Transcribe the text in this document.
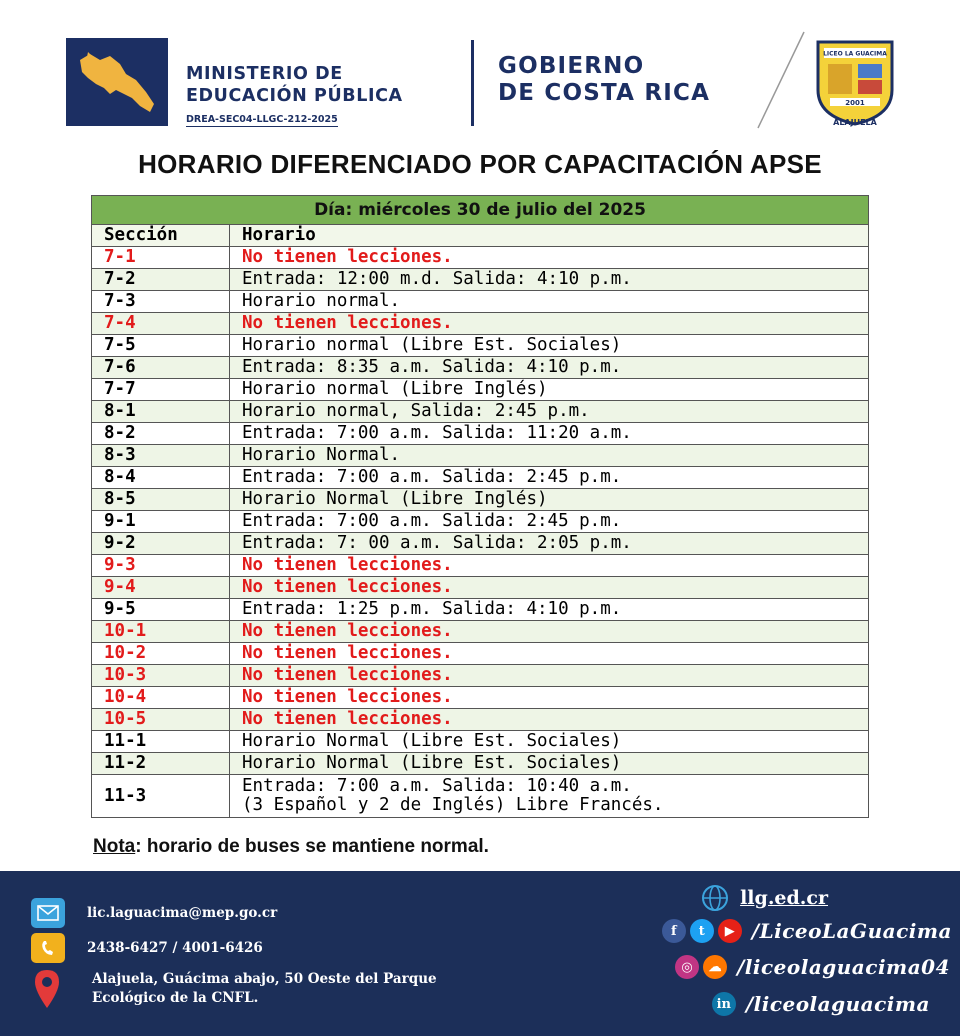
MINISTERIO DE
EDUCACIÓN PÚBLICA
DREA-SEC04-LLGC-212-2025
GOBIERNO
DE COSTA RICA
LICEO LA GUACIMA
2001
ALAJUELA
HORARIO DIFERENCIADO POR CAPACITACIÓN APSE
Día: miércoles 30 de julio del 2025	
Sección	Horario
7-1	No tienen lecciones.
7-2	Entrada: 12:00 m.d. Salida: 4:10 p.m.
7-3	Horario normal.
7-4	No tienen lecciones.
7-5	Horario normal (Libre Est. Sociales)
7-6	Entrada: 8:35 a.m. Salida: 4:10 p.m.
7-7	Horario normal (Libre Inglés)
8-1	Horario normal, Salida: 2:45 p.m.
8-2	Entrada: 7:00 a.m. Salida: 11:20 a.m.
8-3	Horario Normal.
8-4	Entrada: 7:00 a.m. Salida: 2:45 p.m.
8-5	Horario Normal (Libre Inglés)
9-1	Entrada: 7:00 a.m. Salida: 2:45 p.m.
9-2	Entrada: 7: 00 a.m. Salida: 2:05 p.m.
9-3	No tienen lecciones.
9-4	No tienen lecciones.
9-5	Entrada: 1:25 p.m. Salida: 4:10 p.m.
10-1	No tienen lecciones.
10-2	No tienen lecciones.
10-3	No tienen lecciones.
10-4	No tienen lecciones.
10-5	No tienen lecciones.
11-1	Horario Normal (Libre Est. Sociales)
11-2	Horario Normal (Libre Est. Sociales)
11-3	Entrada: 7:00 a.m. Salida: 10:40 a.m.
(3 Español y 2 de Inglés) Libre Francés.
Nota: horario de buses se mantiene normal.
lic.laguacima@mep.go.cr
2438-6427 / 4001-6426
Alajuela, Guácima abajo, 50 Oeste del Parque
Ecológico de la CNFL.
llg.ed.cr
f	t	▶ /LiceoLaGuacima
◎	☁ /liceolaguacima04
in /liceolaguacima
